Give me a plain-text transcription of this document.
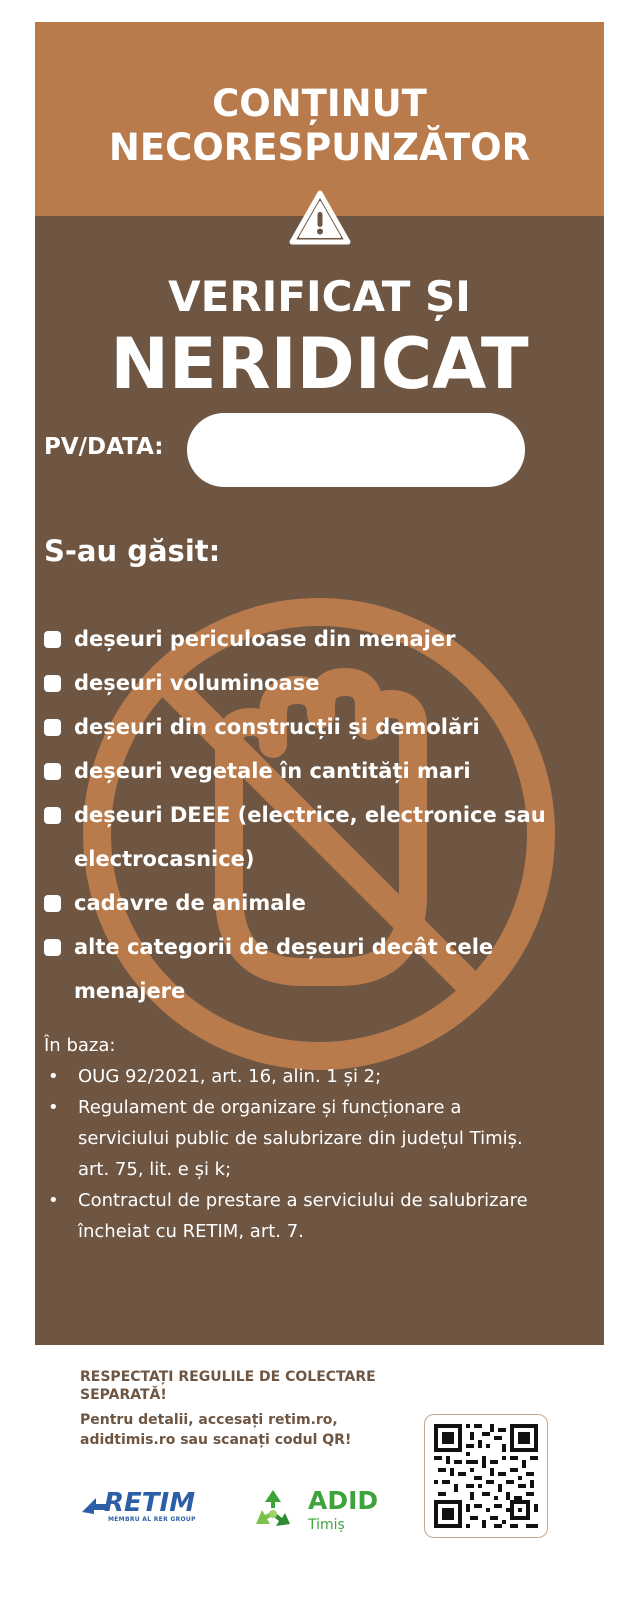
CONȚINUT
NECORESPUNZĂTOR
VERIFICAT ȘI
NERIDICAT
PV/DATA:
S-au găsit:
deșeuri periculoase din menajer
deșeuri voluminoase
deșeuri din construcții și demolări
deșeuri vegetale în cantități mari
deșeuri DEEE (electrice, electronice sau electrocasnice)
cadavre de animale
alte categorii de deșeuri decât cele menajere
În baza:
• OUG 92/2021, art. 16, alin. 1 și 2;
• Regulament de organizare și funcționare a serviciului public de salubrizare din județul Timiș. art. 75, lit. e și k;
• Contractul de prestare a serviciului de salubrizare încheiat cu RETIM, art. 7.
RESPECTAȚI REGULILE DE COLECTARE SEPARATĂ!
Pentru detalii, accesați retim.ro, adidtimis.ro sau scanați codul QR!
RETIM
MEMBRU AL RER GROUP
ADID
Timiș
